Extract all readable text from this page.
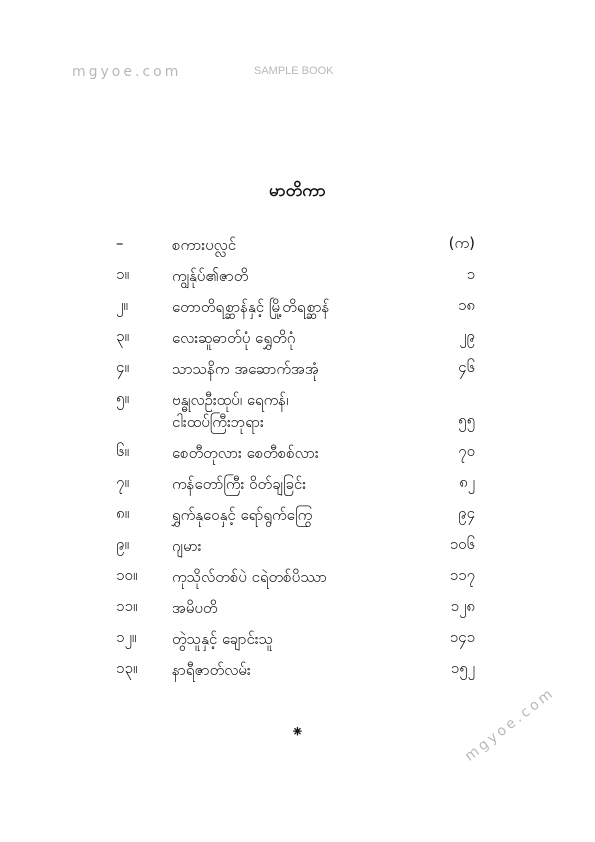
mgyoe.com	SAMPLE BOOK
မာတိကာ
–	စကားပလ္လင်	(က)
၁။	ကျွန်ုပ်၏ဇာတိ	၁
၂။	တောတိရစ္ဆာန်နှင့် မြို့တိရစ္ဆာန်	၁၈
၃။	လေးဆူဓာတ်ပုံ ရွှေတိဂုံ	၂၉
၄။	သာသနိက အဆောက်အအုံ	၄၆
၅။	ဗန္ဓုလဦးထုပ်၊ ရေကန်၊
ငါးထပ်ကြီးဘုရား	၅၅
၆။	စေတီတုလား စေတီစစ်လား	၇၀
၇။	ကန်တော်ကြီး ဝိတ်ချခြင်း	၈၂
၈။	ရွှက်နုဝေနှင့် ရော်ရွက်ကြွေ	၉၄
၉။	ဂျမား	၁၀၆
၁၀။ ကုသိုလ်တစ်ပဲ ငရဲတစ်ပိဿာ	၁၁၇
၁၁။ အမိပတိ	၁၂၈
၁၂။ တွဲသူနှင့် ချောင်းသူ	၁၄၁
၁၃။ နာရီဇာတ်လမ်း	၁၅၂
⁕	mgyoe.com
